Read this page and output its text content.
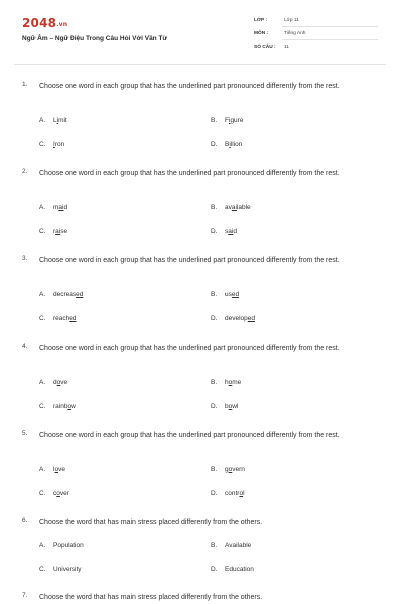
2048.vn
Ngữ Âm – Ngữ Điệu Trong Câu Hỏi Với Vần Từ
LỚP :	Lớp 11
MÔN :	Tiếng Anh
SỐ CÂU : 11
1. Choose one word in each group that has the underlined part pronounced differently from the rest.
A. Limit	B. Figure
C. Iron	D. Billion
2. Choose one word in each group that has the underlined part pronounced differently from the rest.
A. maid	B. available
C. raise	D. said
3. Choose one word in each group that has the underlined part pronounced differently from the rest.
A. decreased	B. used
C. reached	D. developed
4. Choose one word in each group that has the underlined part pronounced differently from the rest.
A. dove	B. home
C. rainbow	D. bowl
5. Choose one word in each group that has the underlined part pronounced differently from the rest.
A. love	B. govern
C. cover	D. control
6. Choose the word that has main stress placed differently from the others.
A. Population	B. Available
C. University	D. Education
7. Choose the word that has main stress placed differently from the others.
